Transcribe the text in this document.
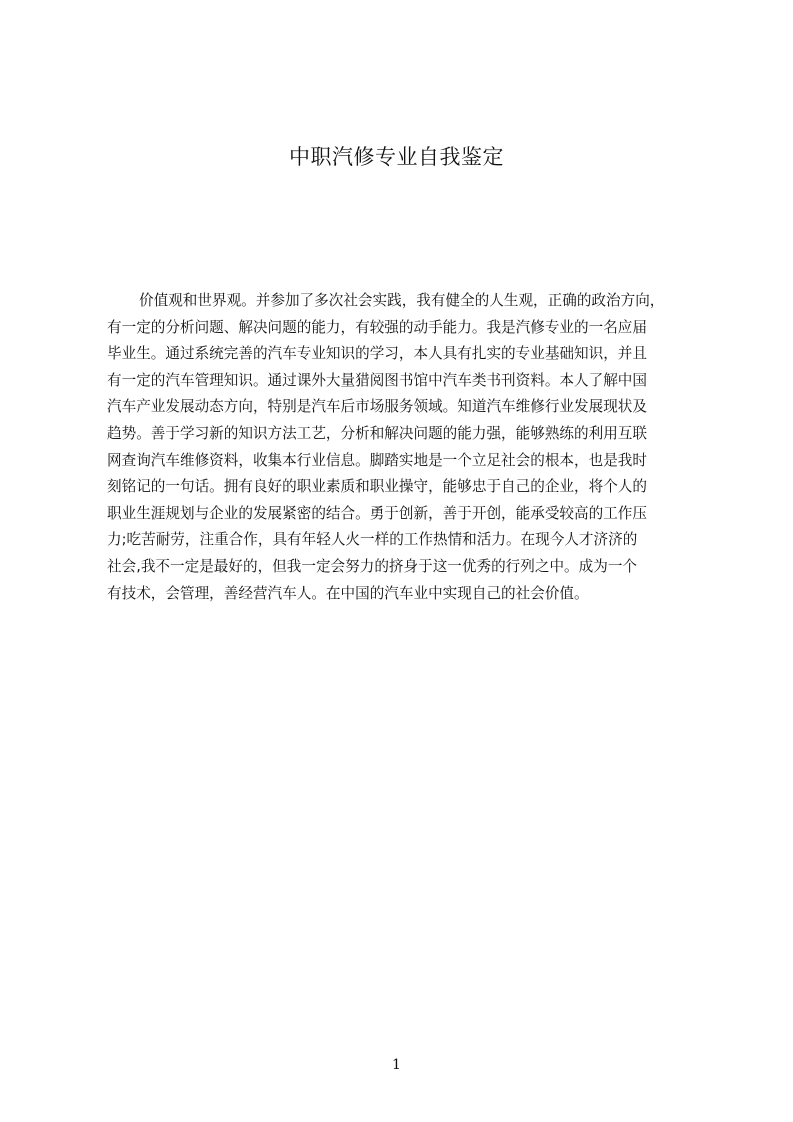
中职汽修专业自我鉴定
价值观和世界观。并参加了多次社会实践，我有健全的人生观，正确的政治方向，
有一定的分析问题、解决问题的能力，有较强的动手能力。我是汽修专业的一名应届
毕业生。通过系统完善的汽车专业知识的学习，本人具有扎实的专业基础知识，并且
有一定的汽车管理知识。通过课外大量猎阅图书馆中汽车类书刊资料。本人了解中国
汽车产业发展动态方向，特别是汽车后市场服务领域。知道汽车维修行业发展现状及
趋势。善于学习新的知识方法工艺，分析和解决问题的能力强，能够熟练的利用互联
网查询汽车维修资料，收集本行业信息。脚踏实地是一个立足社会的根本，也是我时
刻铭记的一句话。拥有良好的职业素质和职业操守，能够忠于自己的企业，将个人的
职业生涯规划与企业的发展紧密的结合。勇于创新，善于开创，能承受较高的工作压
力;吃苦耐劳，注重合作，具有年轻人火一样的工作热情和活力。在现今人才济济的
社会,我不一定是最好的，但我一定会努力的挤身于这一优秀的行列之中。成为一个
有技术，会管理，善经营汽车人。在中国的汽车业中实现自己的社会价值。
1
